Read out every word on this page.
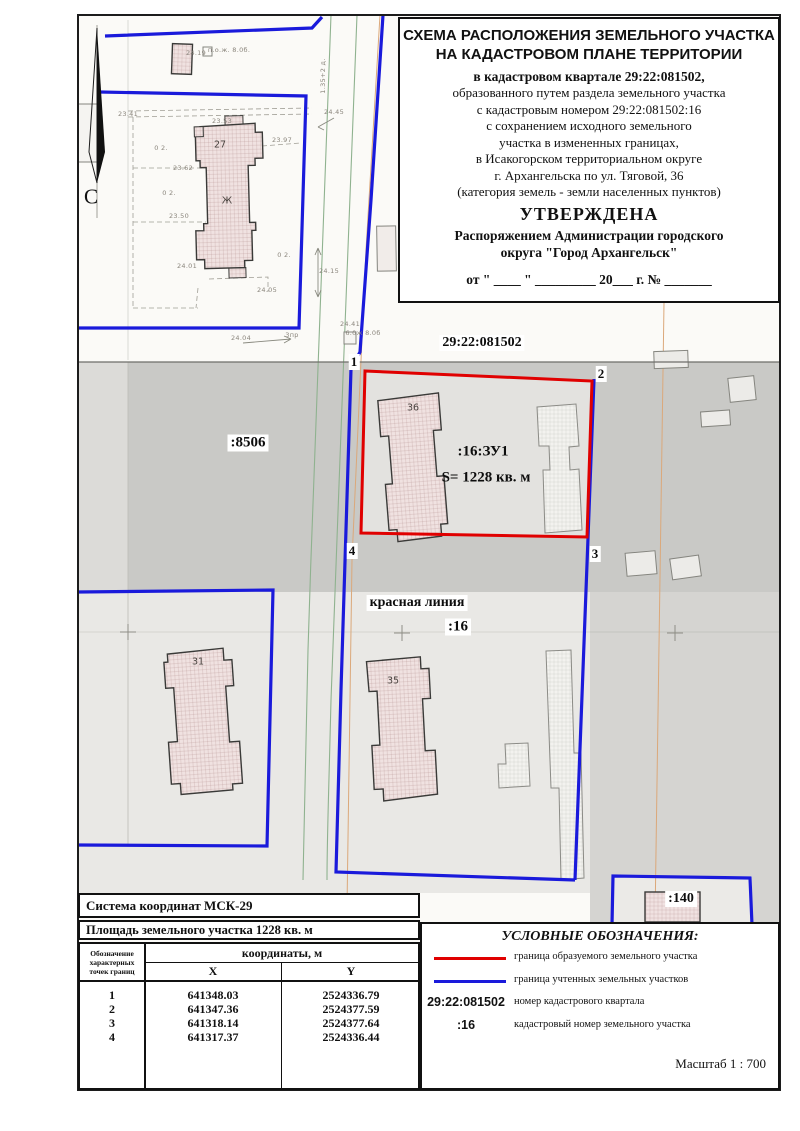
1
2
3
4
29:22:081502
:8506
:16:ЗУ1
S= 1228 кв. м
красная линия
:16
:140
С
24.19 п.о.ж. 8.0б.
23.41
23.53
23.97
0 2.
23.62
0 2.
23.50
0 2.
24.01
24.05
24.15
24.45
24.04	3пр
24.41
6.0ж 8.0б
1.35+2 д.
27
Ж
36
31
35
СХЕМА РАСПОЛОЖЕНИЯ ЗЕМЕЛЬНОГО УЧАСТКА
НА КАДАСТРОВОМ ПЛАНЕ ТЕРРИТОРИИ
в кадастровом квартале 29:22:081502,
образованного путем раздела земельного участка
с кадастровым номером 29:22:081502:16
с сохранением исходного земельного
участка в измененных границах,
в Исакогорском территориальном округе
г. Архангельска по ул. Тяговой, 36
(категория земель - земли населенных пунктов)
УТВЕРЖДЕНА
Распоряжением Администрации городского
округа "Город Архангельск"
от " ____ " _________ 20___ г. № _______
Система координат МСК-29
Площадь земельного участка 1228 кв. м
Обозначение
характерных
точек границ
координаты, м
X	Y
1	641348.03	2524336.79
2	641347.36	2524377.59
3	641318.14	2524377.64
4	641317.37	2524336.44
УСЛОВНЫЕ ОБОЗНАЧЕНИЯ:
граница образуемого земельного участка
граница учтенных земельных участков
29:22:081502 номер кадастрового квартала
:16	кадастровый номер земельного участка
Масштаб 1 : 700
